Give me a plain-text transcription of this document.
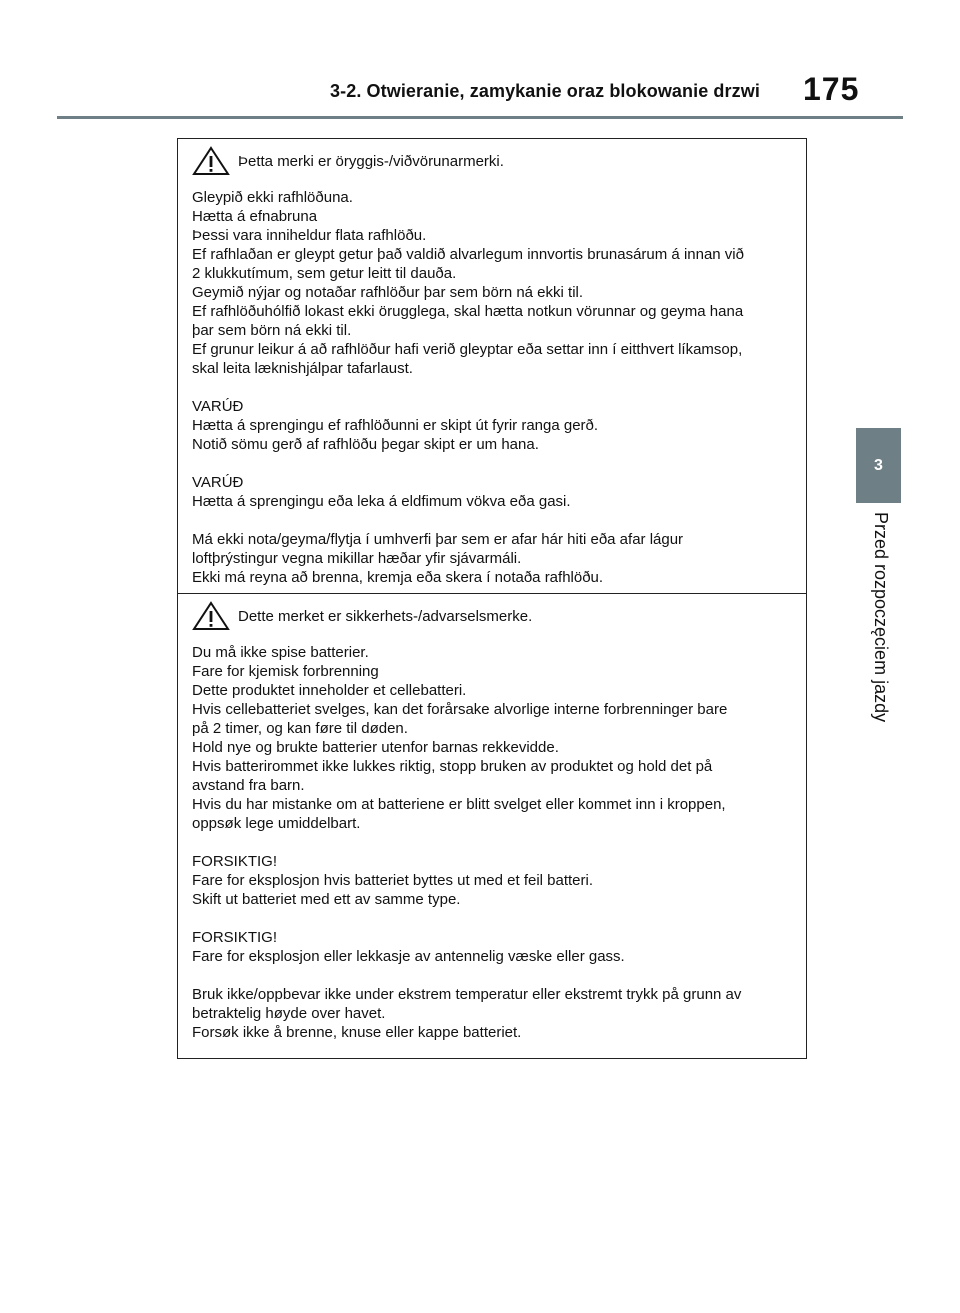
3-2. Otwieranie, zamykanie oraz blokowanie drzwi 175
3
Przed rozpoczęciem jazdy
Þetta merki er öryggis-/viðvörunarmerki.
Gleypið ekki rafhlöðuna.
Hætta á efnabruna
Þessi vara inniheldur flata rafhlöðu.
Ef rafhlaðan er gleypt getur það valdið alvarlegum innvortis brunasárum á innan við
2 klukkutímum, sem getur leitt til dauða.
Geymið nýjar og notaðar rafhlöður þar sem börn ná ekki til.
Ef rafhlöðuhólfið lokast ekki örugglega, skal hætta notkun vörunnar og geyma hana
þar sem börn ná ekki til.
Ef grunur leikur á að rafhlöður hafi verið gleyptar eða settar inn í eitthvert líkamsop,
skal leita læknishjálpar tafarlaust.
VARÚÐ
Hætta á sprengingu ef rafhlöðunni er skipt út fyrir ranga gerð.
Notið sömu gerð af rafhlöðu þegar skipt er um hana.
VARÚÐ
Hætta á sprengingu eða leka á eldfimum vökva eða gasi.
Má ekki nota/geyma/flytja í umhverfi þar sem er afar hár hiti eða afar lágur
loftþrýstingur vegna mikillar hæðar yfir sjávarmáli.
Ekki má reyna að brenna, kremja eða skera í notaða rafhlöðu.
Dette merket er sikkerhets-/advarselsmerke.
Du må ikke spise batterier.
Fare for kjemisk forbrenning
Dette produktet inneholder et cellebatteri.
Hvis cellebatteriet svelges, kan det forårsake alvorlige interne forbrenninger bare
på 2 timer, og kan føre til døden.
Hold nye og brukte batterier utenfor barnas rekkevidde.
Hvis batterirommet ikke lukkes riktig, stopp bruken av produktet og hold det på
avstand fra barn.
Hvis du har mistanke om at batteriene er blitt svelget eller kommet inn i kroppen,
oppsøk lege umiddelbart.
FORSIKTIG!
Fare for eksplosjon hvis batteriet byttes ut med et feil batteri.
Skift ut batteriet med ett av samme type.
FORSIKTIG!
Fare for eksplosjon eller lekkasje av antennelig væske eller gass.
Bruk ikke/oppbevar ikke under ekstrem temperatur eller ekstremt trykk på grunn av
betraktelig høyde over havet.
Forsøk ikke å brenne, knuse eller kappe batteriet.
